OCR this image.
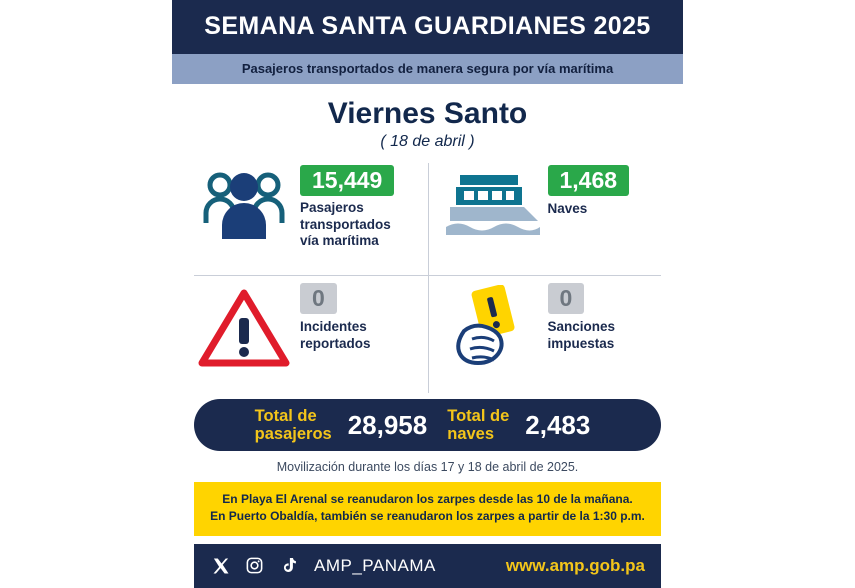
SEMANA SANTA GUARDIANES 2025
Pasajeros transportados de manera segura por vía marítima
Viernes Santo
( 18 de abril )
15,449
Pasajeros
transportados
vía marítima
1,468
Naves
0
Incidentes
reportados
0
Sanciones
impuestas
Total de
pasajeros 28,958	Total de
naves	2,483
Movilización durante los días 17 y 18 de abril de 2025.
En Playa El Arenal se reanudaron los zarpes desde las 10 de la mañana.
En Puerto Obaldía, también se reanudaron los zarpes a partir de la 1:30 p.m.
AMP_PANAMA	www.amp.gob.pa
